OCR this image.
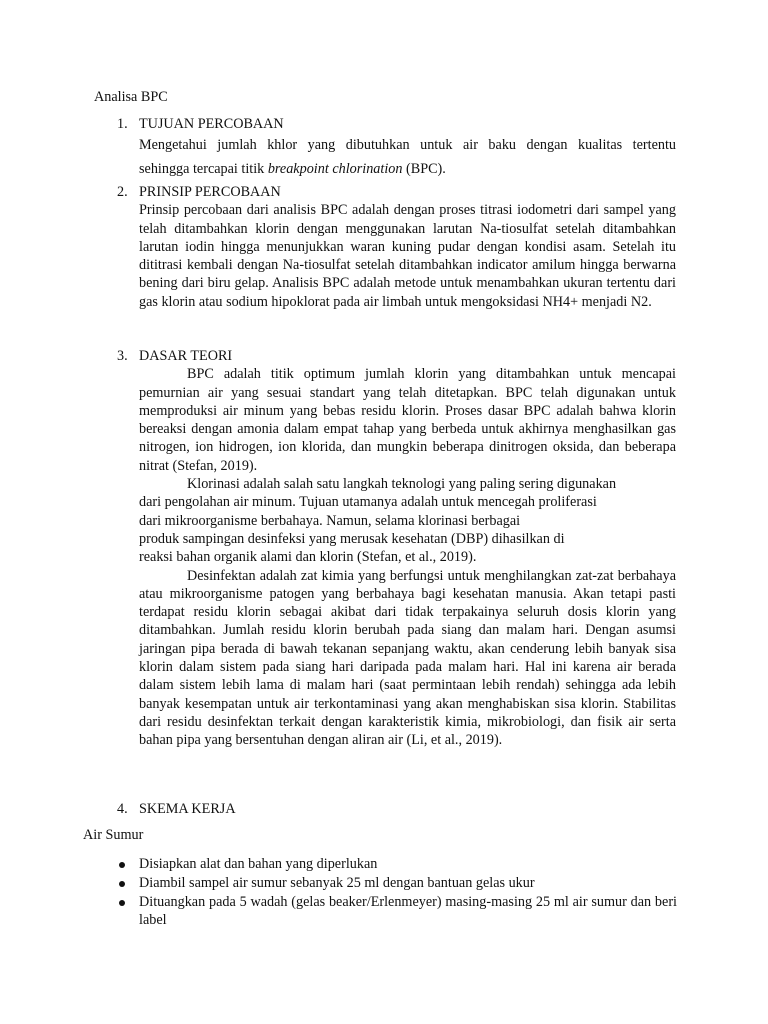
Analisa BPC
1. TUJUAN PERCOBAAN

Mengetahui jumlah khlor yang dibutuhkan untuk air baku dengan kualitas tertentu

sehingga tercapai titik breakpoint chlorination (BPC).

2. PRINSIP PERCOBAAN

Prinsip percobaan dari analisis BPC adalah dengan proses titrasi iodometri dari sampel yang telah ditambahkan klorin dengan menggunakan larutan Na-tiosulfat setelah ditambahkan larutan iodin hingga menunjukkan waran kuning pudar dengan kondisi asam. Setelah itu dititrasi kembali dengan Na-tiosulfat setelah ditambahkan indicator amilum hingga berwarna bening dari biru gelap. Analisis BPC adalah metode untuk menambahkan ukuran tertentu dari gas klorin atau sodium hipoklorat pada air limbah untuk mengoksidasi NH4+ menjadi N2.

3. DASAR TEORI

BPC adalah titik optimum jumlah klorin yang ditambahkan untuk mencapai pemurnian air yang sesuai standart yang telah ditetapkan. BPC telah digunakan untuk memproduksi air minum yang bebas residu klorin. Proses dasar BPC adalah bahwa klorin bereaksi dengan amonia dalam empat tahap yang berbeda untuk akhirnya menghasilkan gas nitrogen, ion hidrogen, ion klorida, dan mungkin beberapa dinitrogen oksida, dan beberapa nitrat (Stefan, 2019).

Klorinasi adalah salah satu langkah teknologi yang paling sering digunakan
dari pengolahan air minum. Tujuan utamanya adalah untuk mencegah proliferasi
dari mikroorganisme berbahaya. Namun, selama klorinasi berbagai
produk sampingan desinfeksi yang merusak kesehatan (DBP) dihasilkan di
reaksi bahan organik alami dan klorin (Stefan, et al., 2019).

Desinfektan adalah zat kimia yang berfungsi untuk menghilangkan zat-zat berbahaya atau mikroorganisme patogen yang berbahaya bagi kesehatan manusia. Akan tetapi pasti terdapat residu klorin sebagai akibat dari tidak terpakainya seluruh dosis klorin yang ditambahkan. Jumlah residu klorin berubah pada siang dan malam hari. Dengan asumsi jaringan pipa berada di bawah tekanan sepanjang waktu, akan cenderung lebih banyak sisa klorin dalam sistem pada siang hari daripada pada malam hari. Hal ini karena air berada dalam sistem lebih lama di malam hari (saat permintaan lebih rendah) sehingga ada lebih banyak kesempatan untuk air terkontaminasi yang akan menghabiskan sisa klorin. Stabilitas dari residu desinfektan terkait dengan karakteristik kimia, mikrobiologi, dan fisik air serta bahan pipa yang bersentuhan dengan aliran air (Li, et al., 2019).

4. SKEMA KERJA
Air Sumur
Disiapkan alat dan bahan yang diperlukan
Diambil sampel air sumur sebanyak 25 ml dengan bantuan gelas ukur
Dituangkan pada 5 wadah (gelas beaker/Erlenmeyer) masing-masing 25 ml air sumur dan beri label
